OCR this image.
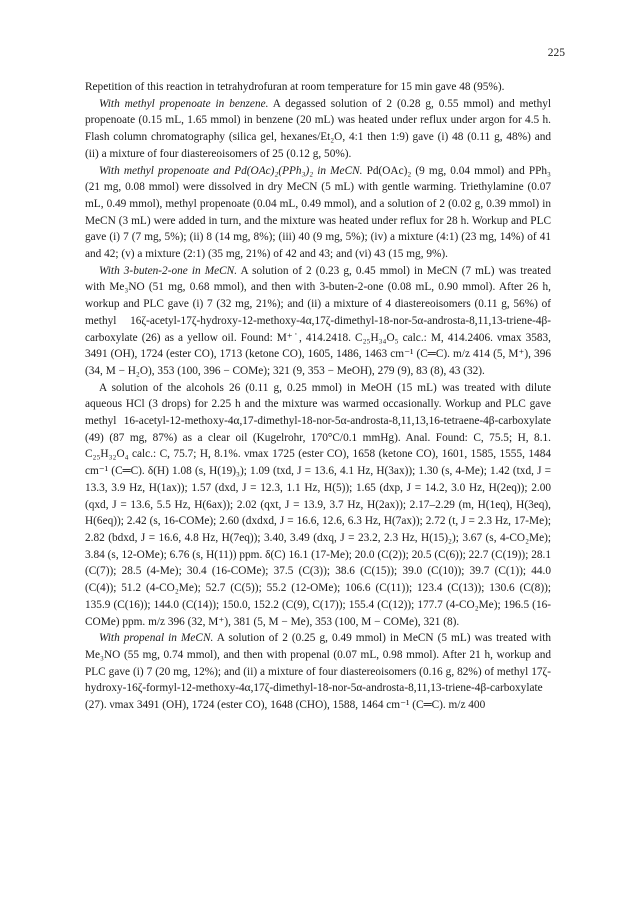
225

Repetition of this reaction in tetrahydrofuran at room temperature for 15 min gave 48 (95%).

With methyl propenoate in benzene. A degassed solution of 2 (0.28 g, 0.55 mmol) and methyl propenoate (0.15 mL, 1.65 mmol) in benzene (20 mL) was heated under reflux under argon for 4.5 h. Flash column chromatography (silica gel, hexanes/Et₂O, 4:1 then 1:9) gave (i) 48 (0.11 g, 48%) and (ii) a mixture of four diastereoisomers of 25 (0.12 g, 50%).

With methyl propenoate and Pd(OAc)₂(PPh₃)₂ in MeCN. Pd(OAc)₂ (9 mg, 0.04 mmol) and PPh₃ (21 mg, 0.08 mmol) were dissolved in dry MeCN (5 mL) with gentle warming. Triethylamine (0.07 mL, 0.49 mmol), methyl propenoate (0.04 mL, 0.49 mmol), and a solution of 2 (0.02 g, 0.39 mmol) in MeCN (3 mL) were added in turn, and the mixture was heated under reflux for 28 h. Workup and PLC gave (i) 7 (7 mg, 5%); (ii) 8 (14 mg, 8%); (iii) 40 (9 mg, 5%); (iv) a mixture (4:1) (23 mg, 14%) of 41 and 42; (v) a mixture (2:1) (35 mg, 21%) of 42 and 43; and (vi) 43 (15 mg, 9%).

With 3-buten-2-one in MeCN. A solution of 2 (0.23 g, 0.45 mmol) in MeCN (7 mL) was treated with Me₃NO (51 mg, 0.68 mmol), and then with 3-buten-2-one (0.08 mL, 0.90 mmol). After 26 h, workup and PLC gave (i) 7 (32 mg, 21%); and (ii) a mixture of 4 diastereoisomers (0.11 g, 56%) of methyl 16ζ-acetyl-17ζ-hydroxy-12-methoxy-4α,17ζ-dimethyl-18-nor-5α-androsta-8,11,13-triene-4β-carboxylate (26) as a yellow oil. Found: M⁺˙, 414.2418. C₂₅H₃₄O₅ calc.: M, 414.2406. νmax 3583, 3491 (OH), 1724 (ester CO), 1713 (ketone CO), 1605, 1486, 1463 cm⁻¹ (C═C). m/z 414 (5, M⁺), 396 (34, M − H₂O), 353 (100, 396 − COMe); 321 (9, 353 − MeOH), 279 (9), 83 (8), 43 (32).

A solution of the alcohols 26 (0.11 g, 0.25 mmol) in MeOH (15 mL) was treated with dilute aqueous HCl (3 drops) for 2.25 h and the mixture was warmed occasionally. Workup and PLC gave methyl 16-acetyl-12-methoxy-4α,17-dimethyl-18-nor-5α-androsta-8,11,13,16-tetraene-4β-carboxylate (49) (87 mg, 87%) as a clear oil (Kugelrohr, 170°C/0.1 mmHg). Anal. Found: C, 75.5; H, 8.1. C₂₅H₃₂O₄ calc.: C, 75.7; H, 8.1%. νmax 1725 (ester CO), 1658 (ketone CO), 1601, 1585, 1555, 1484 cm⁻¹ (C═C). δ(H) 1.08 (s, H(19)₃); 1.09 (txd, J = 13.6, 4.1 Hz, H(3ax)); 1.30 (s, 4-Me); 1.42 (txd, J = 13.3, 3.9 Hz, H(1ax)); 1.57 (dxd, J = 12.3, 1.1 Hz, H(5)); 1.65 (dxp, J = 14.2, 3.0 Hz, H(2eq)); 2.00 (qxd, J = 13.6, 5.5 Hz, H(6ax)); 2.02 (qxt, J = 13.9, 3.7 Hz, H(2ax)); 2.17–2.29 (m, H(1eq), H(3eq), H(6eq)); 2.42 (s, 16-COMe); 2.60 (dxdxd, J = 16.6, 12.6, 6.3 Hz, H(7ax)); 2.72 (t, J = 2.3 Hz, 17-Me); 2.82 (bdxd, J = 16.6, 4.8 Hz, H(7eq)); 3.40, 3.49 (dxq, J = 23.2, 2.3 Hz, H(15)₂); 3.67 (s, 4-CO₂Me); 3.84 (s, 12-OMe); 6.76 (s, H(11)) ppm. δ(C) 16.1 (17-Me); 20.0 (C(2)); 20.5 (C(6)); 22.7 (C(19)); 28.1 (C(7)); 28.5 (4-Me); 30.4 (16-COMe); 37.5 (C(3)); 38.6 (C(15)); 39.0 (C(10)); 39.7 (C(1)); 44.0 (C(4)); 51.2 (4-CO₂Me); 52.7 (C(5)); 55.2 (12-OMe); 106.6 (C(11)); 123.4 (C(13)); 130.6 (C(8)); 135.9 (C(16)); 144.0 (C(14)); 150.0, 152.2 (C(9), C(17)); 155.4 (C(12)); 177.7 (4-CO₂Me); 196.5 (16-COMe) ppm. m/z 396 (32, M⁺), 381 (5, M − Me), 353 (100, M − COMe), 321 (8).

With propenal in MeCN. A solution of 2 (0.25 g, 0.49 mmol) in MeCN (5 mL) was treated with Me₃NO (55 mg, 0.74 mmol), and then with propenal (0.07 mL, 0.98 mmol). After 21 h, workup and PLC gave (i) 7 (20 mg, 12%); and (ii) a mixture of four diastereoisomers (0.16 g, 82%) of methyl 17ζ-hydroxy-16ζ-formyl-12-methoxy-4α,17ζ-dimethyl-18-nor-5α-androsta-8,11,13-triene-4β-carboxylate (27). νmax 3491 (OH), 1724 (ester CO), 1648 (CHO), 1588, 1464 cm⁻¹ (C═C). m/z 400
